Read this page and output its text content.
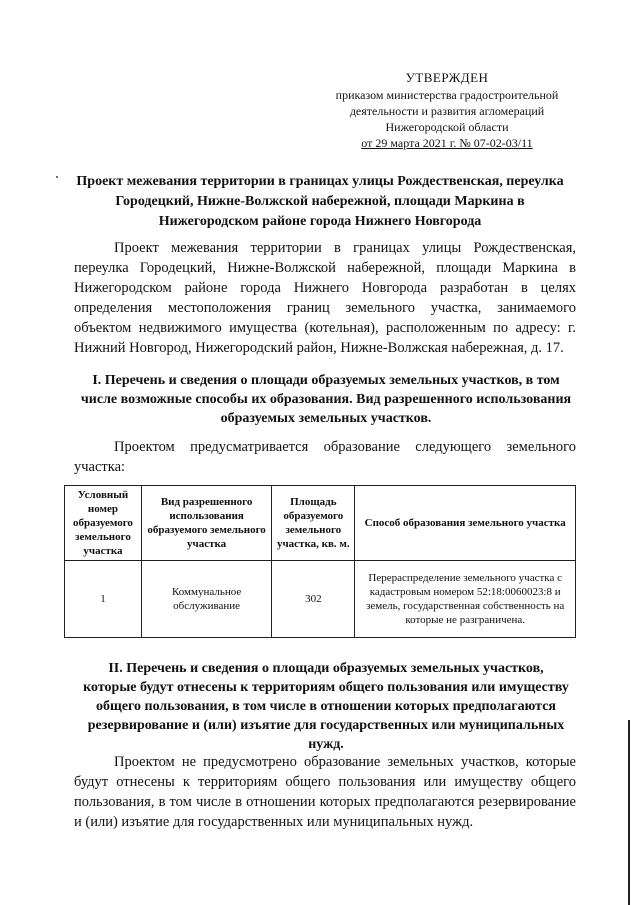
УТВЕРЖДЕН
приказом министерства градостроительной
деятельности и развития агломераций
Нижегородской области
от 29 марта 2021 г. № 07-02-03/11
Проект межевания территории в границах улицы Рождественская, переулка Городецкий, Нижне-Волжской набережной, площади Маркина в Нижегородском районе города Нижнего Новгорода
Проект межевания территории в границах улицы Рождественская, переулка Городецкий, Нижне-Волжской набережной, площади Маркина в Нижегородском районе города Нижнего Новгорода разработан в целях определения местоположения границ земельного участка, занимаемого объектом недвижимого имущества (котельная), расположенным по адресу: г. Нижний Новгород, Нижегородский район, Нижне-Волжская набережная, д. 17.
I. Перечень и сведения о площади образуемых земельных участков, в том числе возможные способы их образования. Вид разрешенного использования образуемых земельных участков.
Проектом предусматривается образование следующего земельного участка:
Условный номер образуемого земельного участка	Вид разрешенного использования образуемого земельного участка	Площадь образуемого земельного участка, кв. м.	Способ образования земельного участка
1	Коммунальное обслуживание	302	Перераспределение земельного участка с кадастровым номером 52:18:0060023:8 и земель, государственная собственность на которые не разграничена.
II. Перечень и сведения о площади образуемых земельных участков, которые будут отнесены к территориям общего пользования или имуществу общего пользования, в том числе в отношении которых предполагаются резервирование и (или) изъятие для государственных или муниципальных нужд.
Проектом не предусмотрено образование земельных участков, которые будут отнесены к территориям общего пользования или имуществу общего пользования, в том числе в отношении которых предполагаются резервирование и (или) изъятие для государственных или муниципальных нужд.
